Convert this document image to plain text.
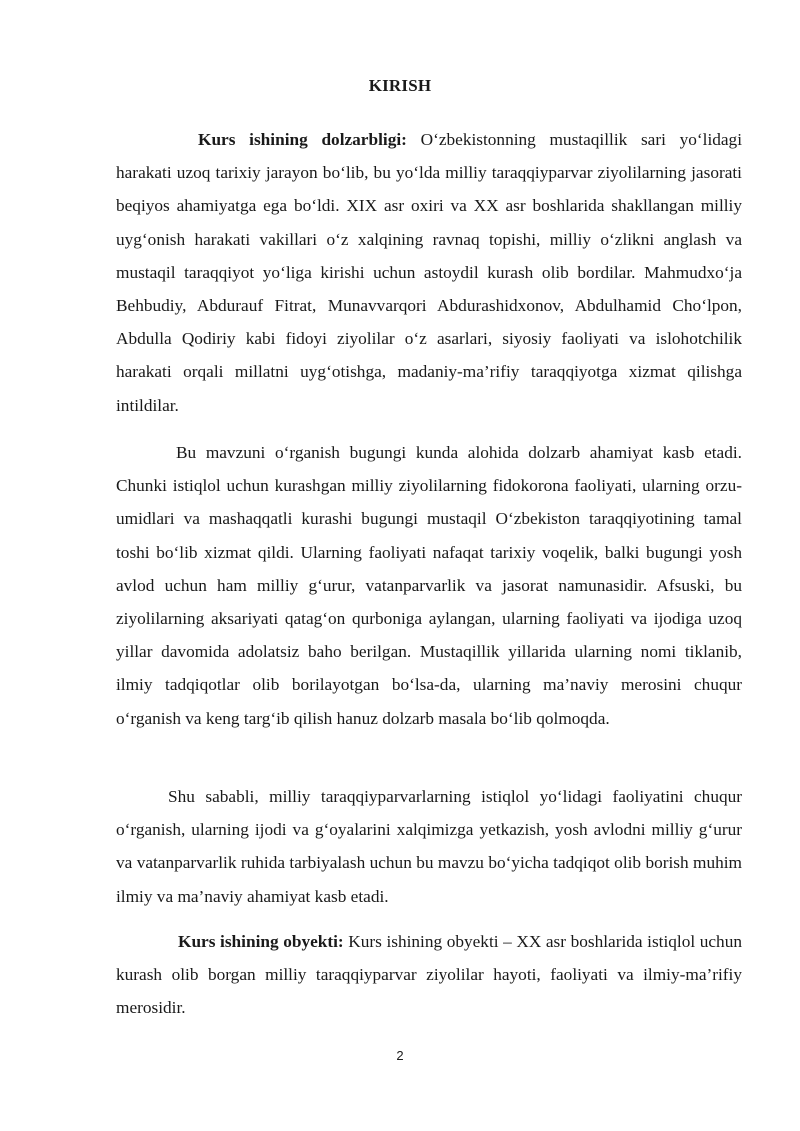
KIRISH

Kurs ishining dolzarbligi: O‘zbekistonning mustaqillik sari yo‘lidagi harakati uzoq tarixiy jarayon bo‘lib, bu yo‘lda milliy taraqqiyparvar ziyolilarning jasorati beqiyos ahamiyatga ega bo‘ldi. XIX asr oxiri va XX asr boshlarida shakllangan milliy uyg‘onish harakati vakillari o‘z xalqining ravnaq topishi, milliy o‘zlikni anglash va mustaqil taraqqiyot yo‘liga kirishi uchun astoydil kurash olib bordilar. Mahmudxo‘ja Behbudiy, Abdurauf Fitrat, Munavvarqori Abdurashidxonov, Abdulhamid Cho‘lpon, Abdulla Qodiriy kabi fidoyi ziyolilar o‘z asarlari, siyosiy faoliyati va islohotchilik harakati orqali millatni uyg‘otishga, madaniy-ma’rifiy taraqqiyotga xizmat qilishga intildilar.

Bu mavzuni o‘rganish bugungi kunda alohida dolzarb ahamiyat kasb etadi. Chunki istiqlol uchun kurashgan milliy ziyolilarning fidokorona faoliyati, ularning orzu-umidlari va mashaqqatli kurashi bugungi mustaqil O‘zbekiston taraqqiyotining tamal toshi bo‘lib xizmat qildi. Ularning faoliyati nafaqat tarixiy voqelik, balki bugungi yosh avlod uchun ham milliy g‘urur, vatanparvarlik va jasorat namunasidir. Afsuski, bu ziyolilarning aksariyati qatag‘on qurboniga aylangan, ularning faoliyati va ijodiga uzoq yillar davomida adolatsiz baho berilgan. Mustaqillik yillarida ularning nomi tiklanib, ilmiy tadqiqotlar olib borilayotgan bo‘lsa-da, ularning ma’naviy merosini chuqur o‘rganish va keng targ‘ib qilish hanuz dolzarb masala bo‘lib qolmoqda.

Shu sababli, milliy taraqqiyparvarlarning istiqlol yo‘lidagi faoliyatini chuqur o‘rganish, ularning ijodi va g‘oyalarini xalqimizga yetkazish, yosh avlodni milliy g‘urur va vatanparvarlik ruhida tarbiyalash uchun bu mavzu bo‘yicha tadqiqot olib borish muhim ilmiy va ma’naviy ahamiyat kasb etadi.

Kurs ishining obyekti: Kurs ishining obyekti – XX asr boshlarida istiqlol uchun kurash olib borgan milliy taraqqiyparvar ziyolilar hayoti, faoliyati va ilmiy-ma’rifiy merosidir.

2
